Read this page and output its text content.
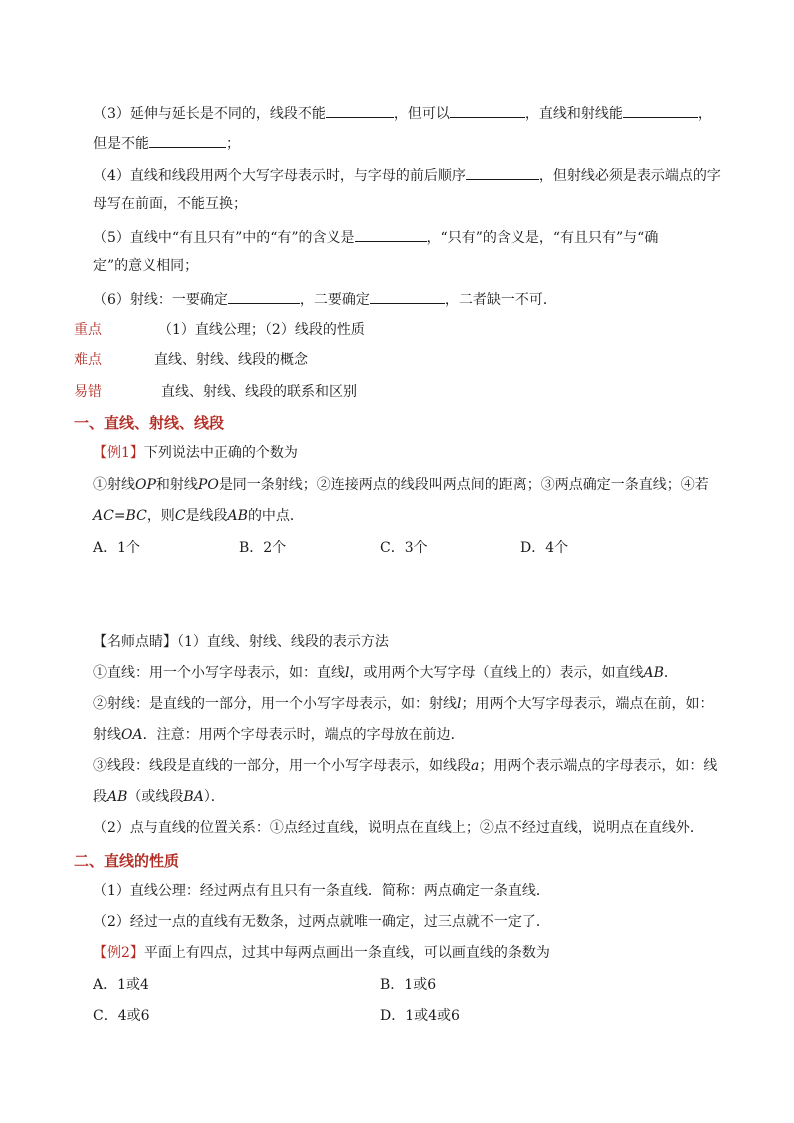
（3）延伸与延长是不同的，线段不能	，但可以	，直线和射线能	，
但是不能	；
（4）直线和线段用两个大写字母表示时，与字母的前后顺序	，但射线必须是表示端点的字
母写在前面，不能互换；
（5）直线中“有且只有”中的“有”的含义是	，“只有”的含义是，“有且只有”与“确
定”的意义相同；
（6）射线：一要确定	，二要确定	，二者缺一不可．
重点	（1）直线公理；（2）线段的性质
难点	直线、射线、线段的概念
易错	直线、射线、线段的联系和区别
一、直线、射线、线段
【例1】下列说法中正确的个数为
①射线OP和射线PO是同一条射线；②连接两点的线段叫两点间的距离；③两点确定一条直线；④若
AC=BC，则C是线段AB的中点．
A．1个	B．2个	C．3个	D．4个
【名师点睛】（1）直线、射线、线段的表示方法
①直线：用一个小写字母表示，如：直线l，或用两个大写字母（直线上的）表示，如直线AB．
②射线：是直线的一部分，用一个小写字母表示，如：射线l；用两个大写字母表示，端点在前，如：
射线OA．注意：用两个字母表示时，端点的字母放在前边．
③线段：线段是直线的一部分，用一个小写字母表示，如线段a；用两个表示端点的字母表示，如：线
段AB（或线段BA）．
（2）点与直线的位置关系：①点经过直线，说明点在直线上；②点不经过直线，说明点在直线外．
二、直线的性质
（1）直线公理：经过两点有且只有一条直线．简称：两点确定一条直线．
（2）经过一点的直线有无数条，过两点就唯一确定，过三点就不一定了．
【例2】平面上有四点，过其中每两点画出一条直线，可以画直线的条数为
A．1或4	B．1或6
C．4或6	D．1或4或6
